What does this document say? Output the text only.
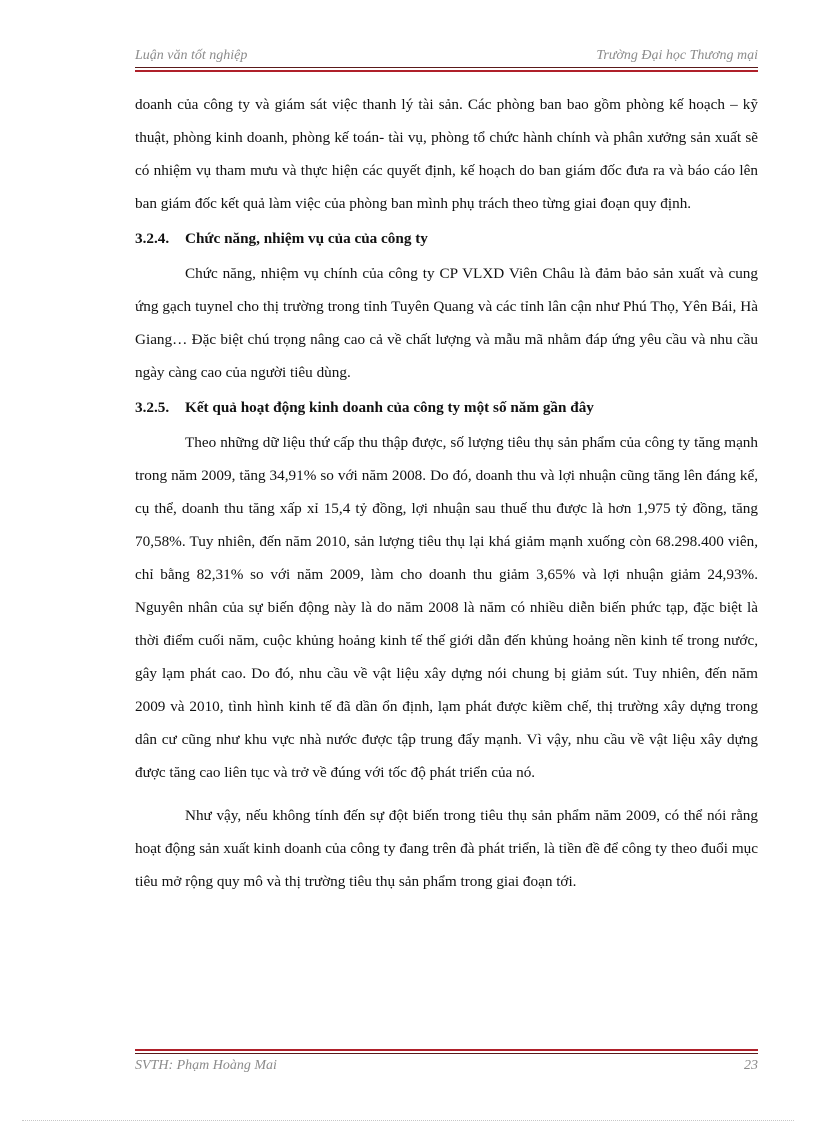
Luận văn tốt nghiệp	Trường Đại học Thương mại

doanh của công ty và giám sát việc thanh lý tài sản. Các phòng ban bao gồm phòng kế hoạch – kỹ thuật, phòng kinh doanh, phòng kế toán- tài vụ, phòng tổ chức hành chính và phân xưởng sản xuất sẽ có nhiệm vụ tham mưu và thực hiện các quyết định, kế hoạch do ban giám đốc đưa ra và báo cáo lên ban giám đốc kết quả làm việc của phòng ban mình phụ trách theo từng giai đoạn quy định.

3.2.4. Chức năng, nhiệm vụ của của công ty

Chức năng, nhiệm vụ chính của công ty CP VLXD Viên Châu là đảm bảo sản xuất và cung ứng gạch tuynel cho thị trường trong tỉnh Tuyên Quang và các tỉnh lân cận như Phú Thọ, Yên Bái, Hà Giang… Đặc biệt chú trọng nâng cao cả về chất lượng và mẫu mã nhằm đáp ứng yêu cầu và nhu cầu ngày càng cao của người tiêu dùng.

3.2.5. Kết quả hoạt động kinh doanh của công ty một số năm gần đây

Theo những dữ liệu thứ cấp thu thập được, số lượng tiêu thụ sản phẩm của công ty tăng mạnh trong năm 2009, tăng 34,91% so với năm 2008. Do đó, doanh thu và lợi nhuận cũng tăng lên đáng kể, cụ thể, doanh thu tăng xấp xỉ 15,4 tỷ đồng, lợi nhuận sau thuế thu được là hơn 1,975 tỷ đồng, tăng 70,58%. Tuy nhiên, đến năm 2010, sản lượng tiêu thụ lại khá giảm mạnh xuống còn 68.298.400 viên, chỉ bằng 82,31% so với năm 2009, làm cho doanh thu giảm 3,65% và lợi nhuận giảm 24,93%. Nguyên nhân của sự biến động này là do năm 2008 là năm có nhiều diễn biến phức tạp, đặc biệt là thời điểm cuối năm, cuộc khủng hoảng kinh tế thế giới dẫn đến khủng hoảng nền kinh tế trong nước, gây lạm phát cao. Do đó, nhu cầu về vật liệu xây dựng nói chung bị giảm sút. Tuy nhiên, đến năm 2009 và 2010, tình hình kinh tế đã dần ổn định, lạm phát được kiềm chế, thị trường xây dựng trong dân cư cũng như khu vực nhà nước được tập trung đẩy mạnh. Vì vậy, nhu cầu về vật liệu xây dựng được tăng cao liên tục và trở về đúng với tốc độ phát triển của nó.

Như vậy, nếu không tính đến sự đột biến trong tiêu thụ sản phẩm năm 2009, có thể nói rằng hoạt động sản xuất kinh doanh của công ty đang trên đà phát triển, là tiền đề để công ty theo đuổi mục tiêu mở rộng quy mô và thị trường tiêu thụ sản phẩm trong giai đoạn tới.

SVTH: Phạm Hoàng Mai	23
